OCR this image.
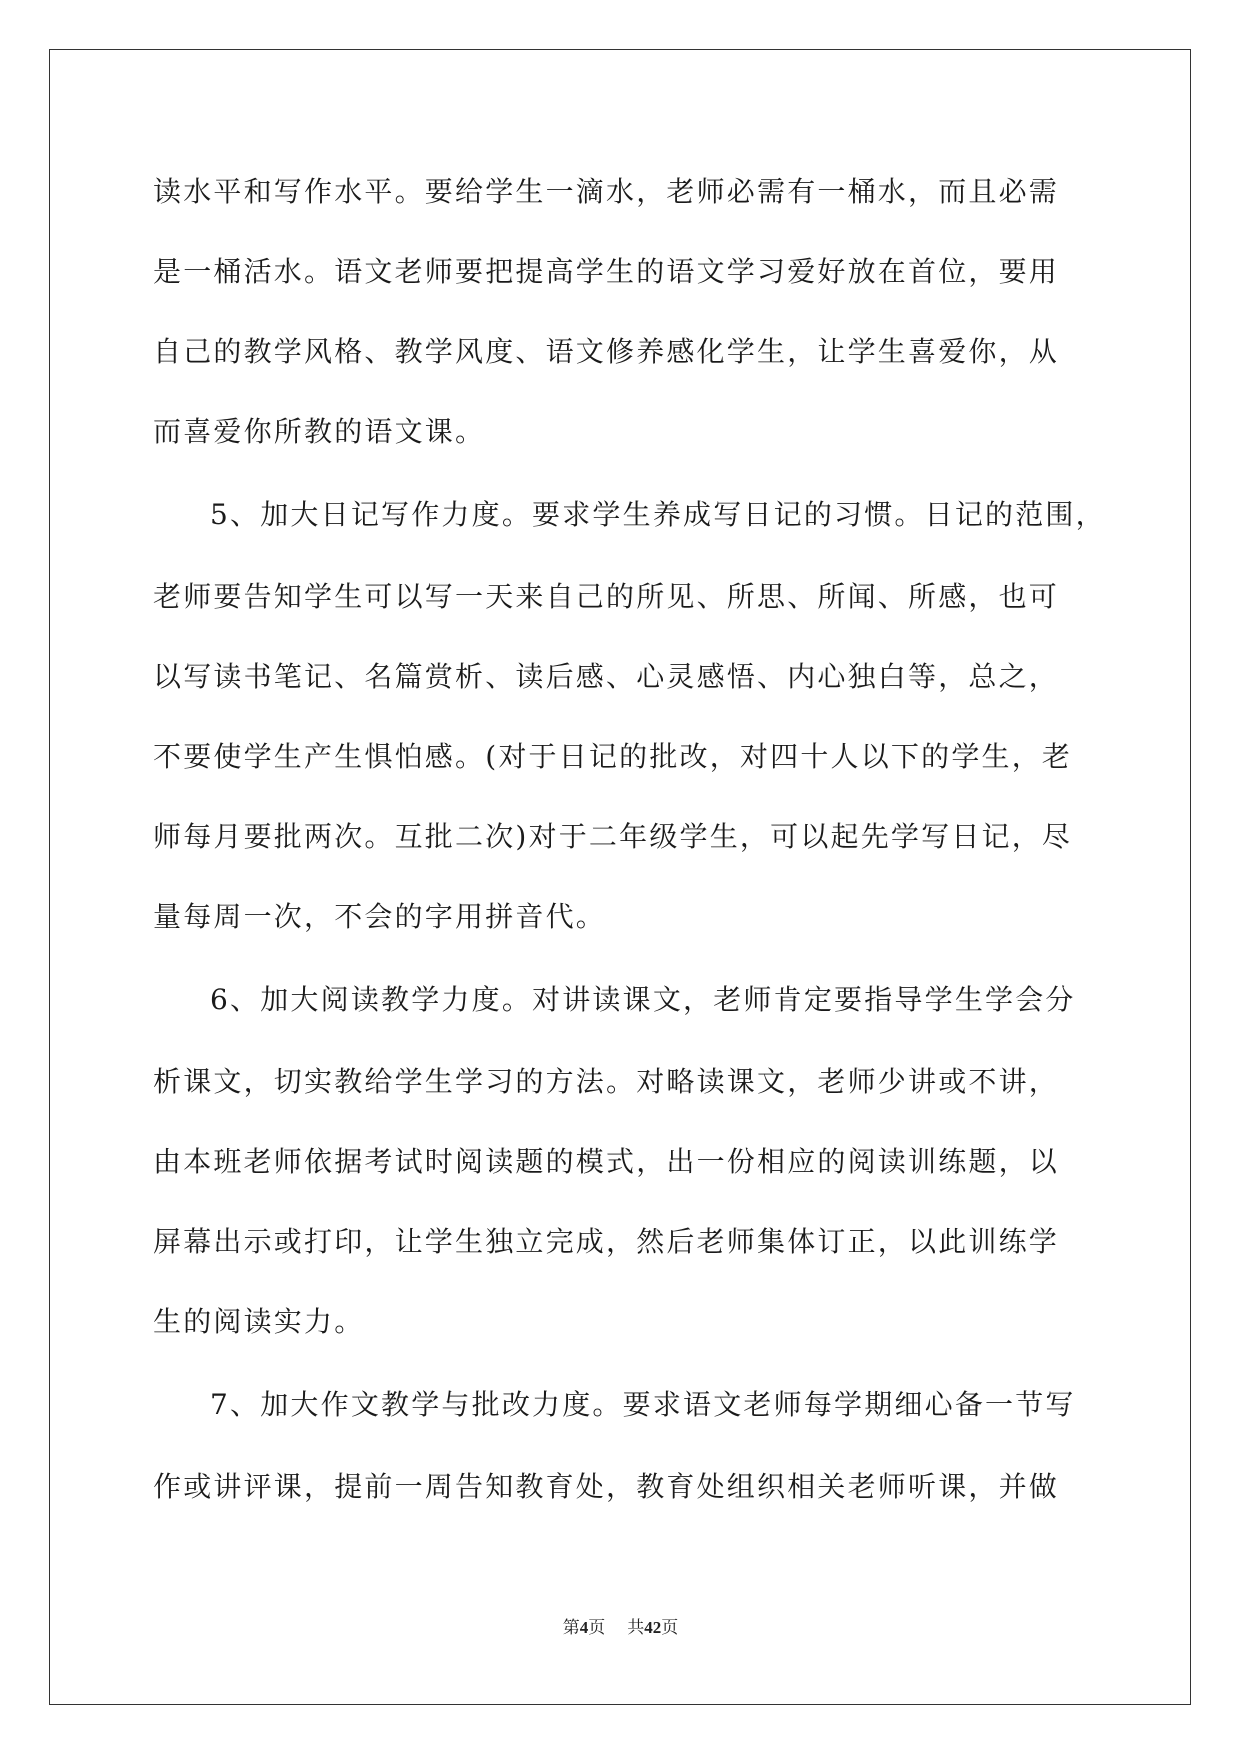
读水平和写作水平。要给学生一滴水，老师必需有一桶水，而且必需
是一桶活水。语文老师要把提高学生的语文学习爱好放在首位，要用
自己的教学风格、教学风度、语文修养感化学生，让学生喜爱你，从
而喜爱你所教的语文课。
5、加大日记写作力度。要求学生养成写日记的习惯。日记的范围，
老师要告知学生可以写一天来自己的所见、所思、所闻、所感，也可
以写读书笔记、名篇赏析、读后感、心灵感悟、内心独白等，总之，
不要使学生产生惧怕感。(对于日记的批改，对四十人以下的学生，老
师每月要批两次。互批二次)对于二年级学生，可以起先学写日记，尽
量每周一次，不会的字用拼音代。
6、加大阅读教学力度。对讲读课文，老师肯定要指导学生学会分
析课文，切实教给学生学习的方法。对略读课文，老师少讲或不讲，
由本班老师依据考试时阅读题的模式，出一份相应的阅读训练题，以
屏幕出示或打印，让学生独立完成，然后老师集体订正，以此训练学
生的阅读实力。
7、加大作文教学与批改力度。要求语文老师每学期细心备一节写
作或讲评课，提前一周告知教育处，教育处组织相关老师听课，并做
第4页 共42页
